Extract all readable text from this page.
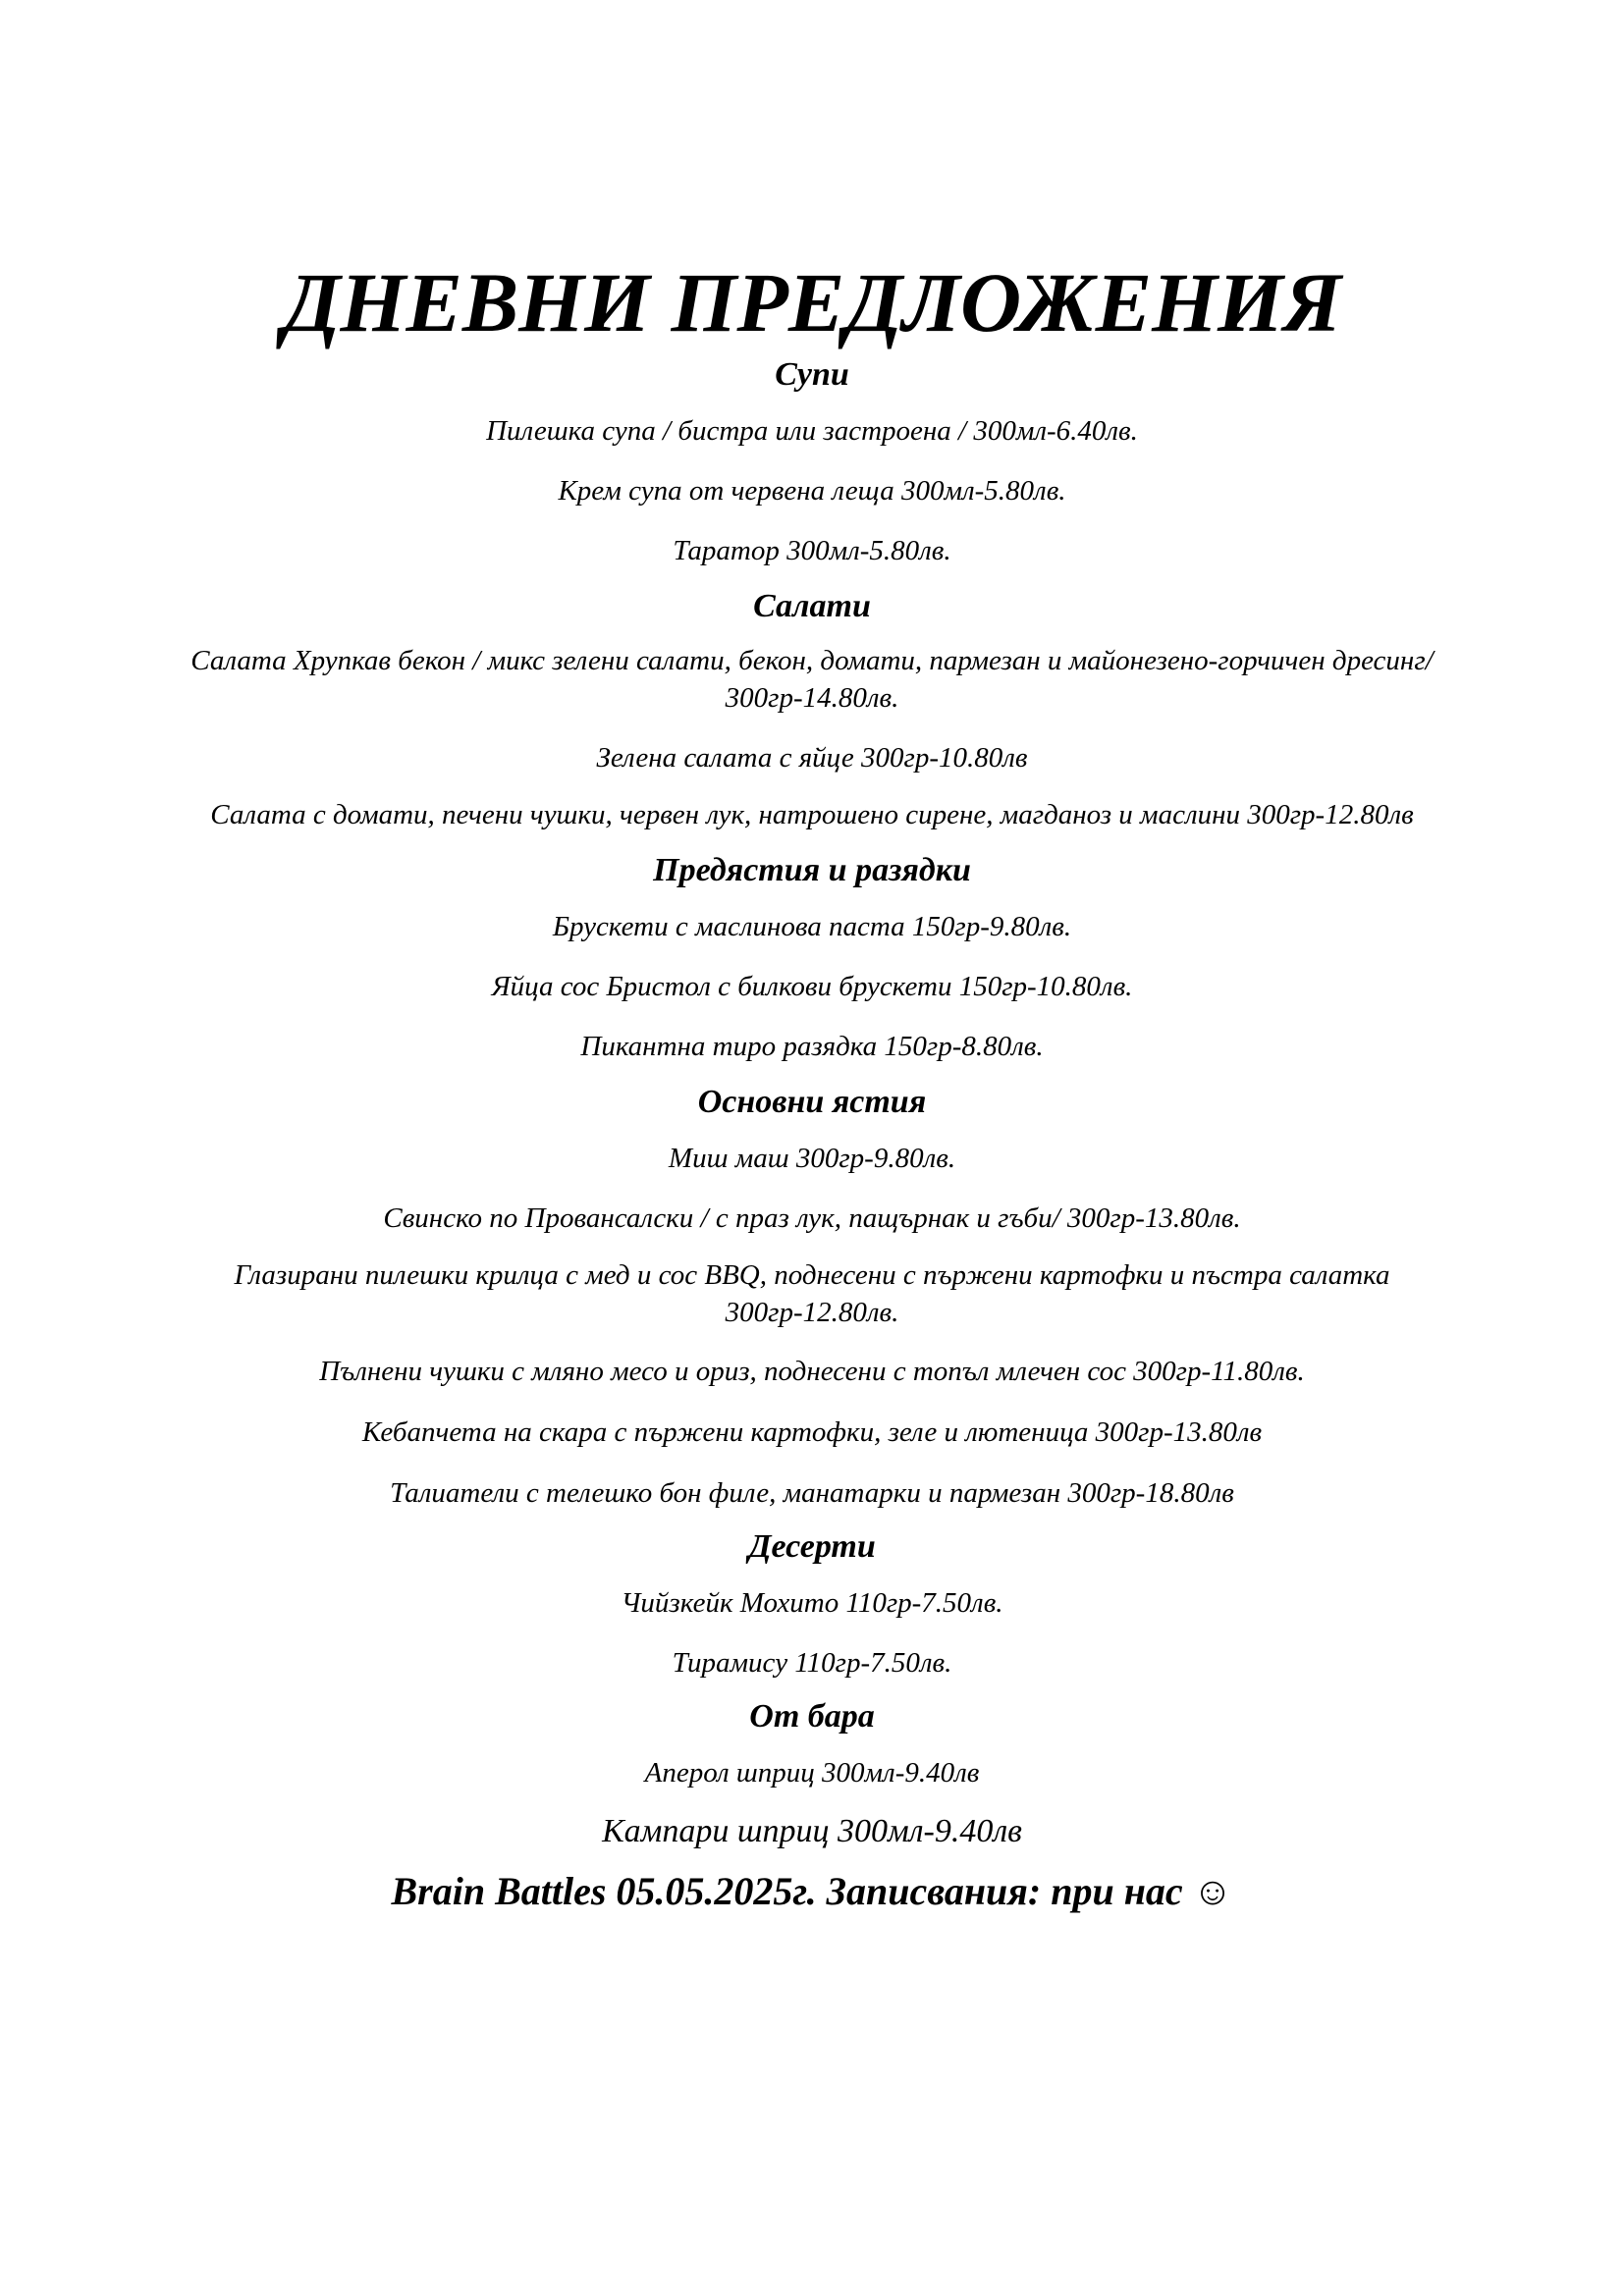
ДНЕВНИ ПРЕДЛОЖЕНИЯ
Супи

Пилешка супа / бистра или застроена / 300мл-6.40лв.

Крем супа от червена леща 300мл-5.80лв.

Таратор 300мл-5.80лв.

Салати

Салата Хрупкав бекон / микс зелени салати, бекон, домати, пармезан и майонезено-горчичен дресинг/ 300гр-14.80лв.

Зелена салата с яйце 300гр-10.80лв

Салата с домати, печени чушки, червен лук, натрошено сирене, магданоз и маслини 300гр-12.80лв

Предястия и разядки

Брускети с маслинова паста 150гр-9.80лв.

Яйца сос Бристол с билкови брускети 150гр-10.80лв.

Пикантна тиро разядка 150гр-8.80лв.

Основни ястия

Миш маш 300гр-9.80лв.

Свинско по Провансалски / с праз лук, пащърнак и гъби/ 300гр-13.80лв.

Глазирани пилешки крилца с мед и сос BBQ, поднесени с пържени картофки и пъстра салатка 300гр-12.80лв.

Пълнени чушки с мляно месо и ориз, поднесени с топъл млечен сос 300гр-11.80лв.

Кебапчета на скара с пържени картофки, зеле и лютеница 300гр-13.80лв

Талиатели с телешко бон филе, манатарки и пармезан 300гр-18.80лв

Десерти

Чийзкейк Мохито 110гр-7.50лв.

Тирамису 110гр-7.50лв.

От бара

Аперол шприц 300мл-9.40лв

Кампари шприц 300мл-9.40лв

Brain Battles 05.05.2025г. Записвания: при нас ☺
